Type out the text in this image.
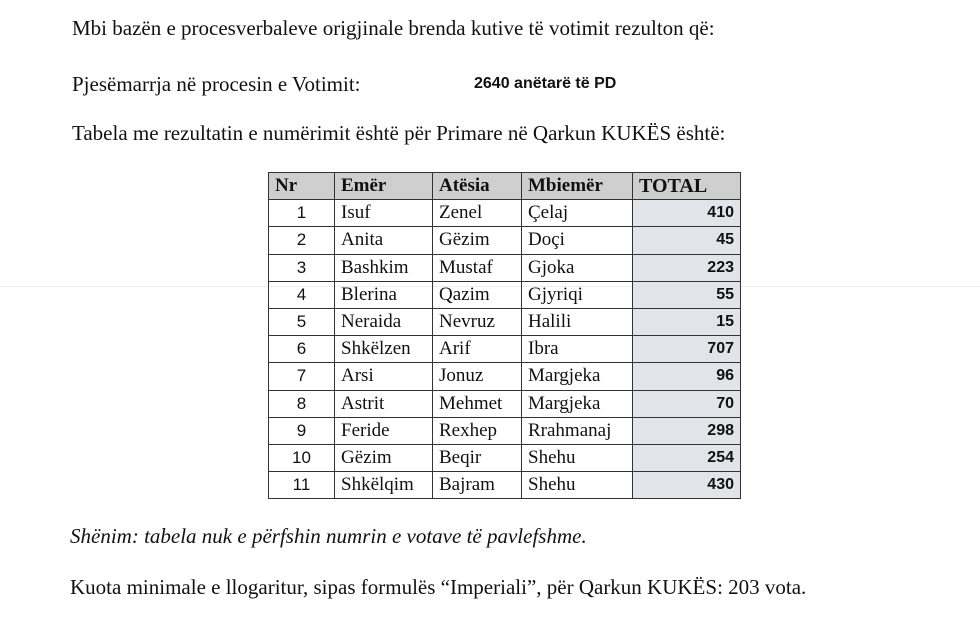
Mbi bazën e procesverbaleve origjinale brenda kutive të votimit rezulton që:
Pjesëmarrja në procesin e Votimit:	2640 anëtarë të PD
Tabela me rezultatin e numërimit është për Primare në Qarkun KUKËS është:
Nr	Emër	Atësia	Mbiemër	TOTAL
1	Isuf	Zenel	Çelaj	410
2	Anita	Gëzim	Doçi	45
3	Bashkim	Mustaf	Gjoka	223
4	Blerina	Qazim	Gjyriqi	55
5	Neraida	Nevruz	Halili	15
6	Shkëlzen	Arif	Ibra	707
7	Arsi	Jonuz	Margjeka	96
8	Astrit	Mehmet	Margjeka	70
9	Feride	Rexhep	Rrahmanaj	298
10	Gëzim	Beqir	Shehu	254
11	Shkëlqim	Bajram	Shehu	430
Shënim: tabela nuk e përfshin numrin e votave të pavlefshme.
Kuota minimale e llogaritur, sipas formulës “Imperiali”, për Qarkun KUKËS: 203 vota.
